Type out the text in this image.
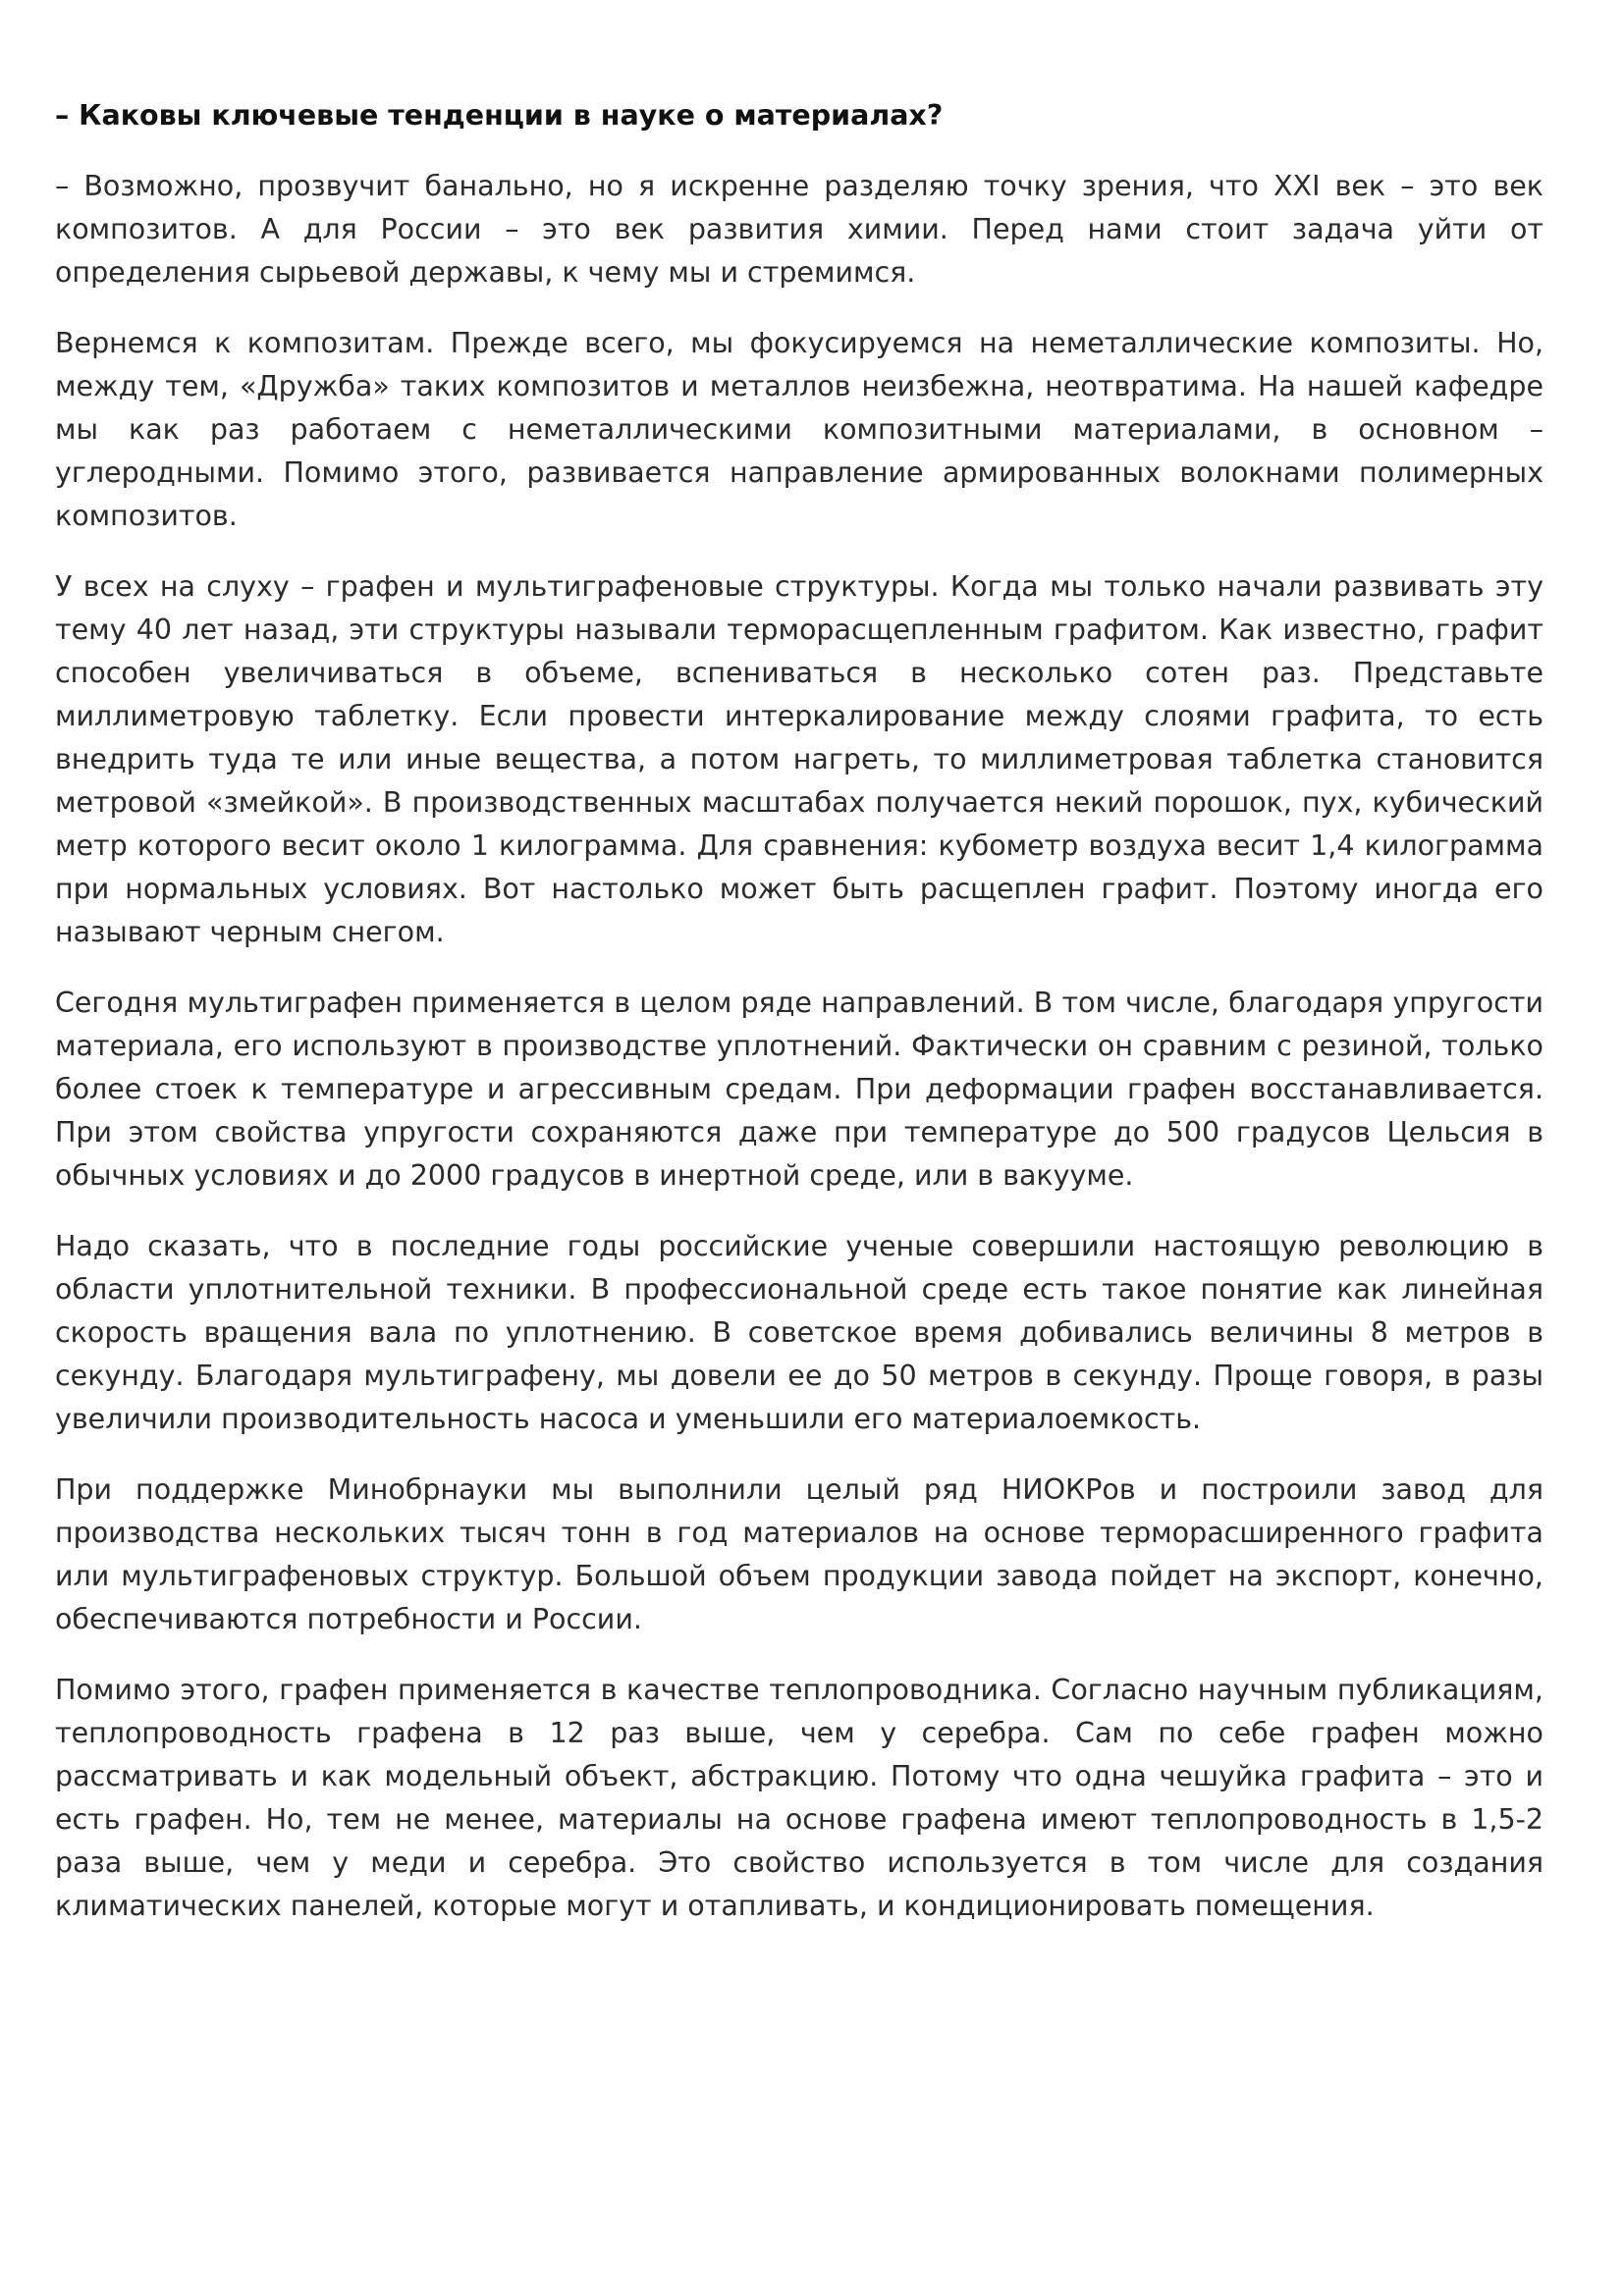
– Каковы ключевые тенденции в науке о материалах?

– Возможно, прозвучит банально, но я искренне разделяю точку зрения, что XXI век – это век композитов. А для России – это век развития химии. Перед нами стоит задача уйти от определения сырьевой державы, к чему мы и стремимся.

Вернемся к композитам. Прежде всего, мы фокусируемся на неметаллические композиты. Но, между тем, «Дружба» таких композитов и металлов неизбежна, неотвратима. На нашей кафедре мы как раз работаем с неметаллическими композитными материалами, в основном – углеродными. Помимо этого, развивается направление армированных волокнами полимерных композитов.

У всех на слуху – графен и мультиграфеновые структуры. Когда мы только начали развивать эту тему 40 лет назад, эти структуры называли терморасщепленным графитом. Как известно, графит способен увеличиваться в объеме, вспениваться в несколько сотен раз. Представьте миллиметровую таблетку. Если провести интеркалирование между слоями графита, то есть внедрить туда те или иные вещества, а потом нагреть, то миллиметровая таблетка становится метровой «змейкой». В производственных масштабах получается некий порошок, пух, кубический метр которого весит около 1 килограмма. Для сравнения: кубометр воздуха весит 1,4 килограмма при нормальных условиях. Вот настолько может быть расщеплен графит. Поэтому иногда его называют черным снегом.

Сегодня мультиграфен применяется в целом ряде направлений. В том числе, благодаря упругости материала, его используют в производстве уплотнений. Фактически он сравним с резиной, только более стоек к температуре и агрессивным средам. При деформации графен восстанавливается. При этом свойства упругости сохраняются даже при температуре до 500 градусов Цельсия в обычных условиях и до 2000 градусов в инертной среде, или в вакууме.

Надо сказать, что в последние годы российские ученые совершили настоящую революцию в области уплотнительной техники. В профессиональной среде есть такое понятие как линейная скорость вращения вала по уплотнению. В советское время добивались величины 8 метров в секунду. Благодаря мультиграфену, мы довели ее до 50 метров в секунду. Проще говоря, в разы увеличили производительность насоса и уменьшили его материалоемкость.

При поддержке Минобрнауки мы выполнили целый ряд НИОКРов и построили завод для производства нескольких тысяч тонн в год материалов на основе терморасширенного графита или мультиграфеновых структур. Большой объем продукции завода пойдет на экспорт, конечно, обеспечиваются потребности и России.

Помимо этого, графен применяется в качестве теплопроводника. Согласно научным публикациям, теплопроводность графена в 12 раз выше, чем у серебра. Сам по себе графен можно рассматривать и как модельный объект, абстракцию. Потому что одна чешуйка графита – это и есть графен. Но, тем не менее, материалы на основе графена имеют теплопроводность в 1,5-2 раза выше, чем у меди и серебра. Это свойство используется в том числе для создания климатических панелей, которые могут и отапливать, и кондиционировать помещения.
